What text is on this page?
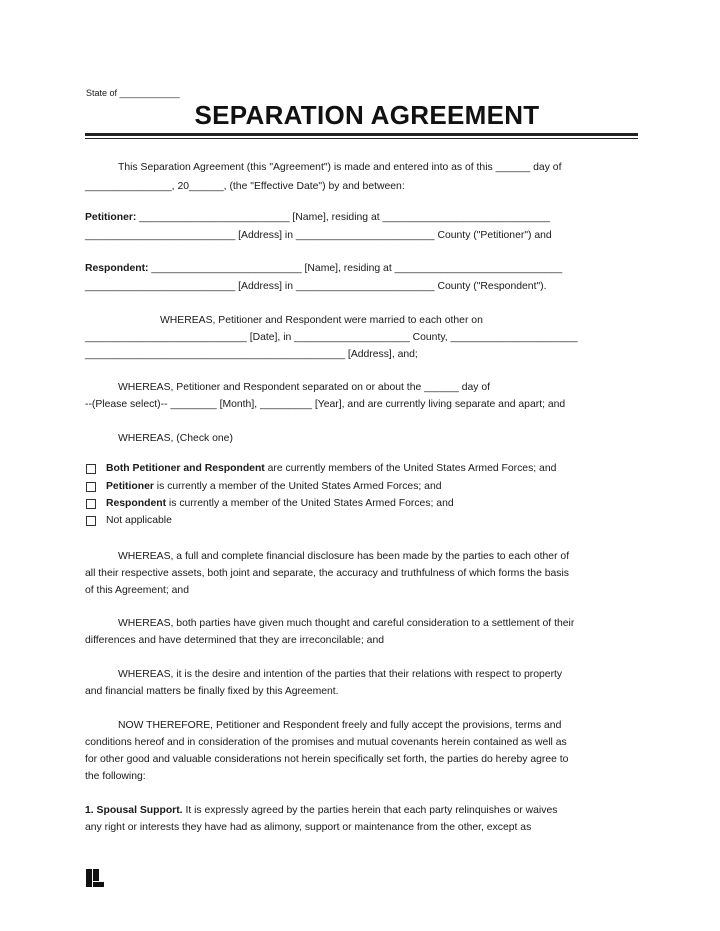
State of ____________
SEPARATION AGREEMENT
This Separation Agreement (this "Agreement") is made and entered into as of this ______ day of
_______________, 20______, (the "Effective Date") by and between:
Petitioner: __________________________ [Name], residing at _____________________________
__________________________ [Address] in ________________________ County ("Petitioner") and
Respondent: __________________________ [Name], residing at _____________________________
__________________________ [Address] in ________________________ County ("Respondent").
WHEREAS, Petitioner and Respondent were married to each other on
____________________________ [Date], in ____________________ County, ______________________
_____________________________________________ [Address], and;
WHEREAS, Petitioner and Respondent separated on or about the ______ day of
--(Please select)-- ________ [Month], _________ [Year], and are currently living separate and apart; and
WHEREAS, (Check one)
Both Petitioner and Respondent are currently members of the United States Armed Forces; and
Petitioner is currently a member of the United States Armed Forces; and
Respondent is currently a member of the United States Armed Forces; and
Not applicable
WHEREAS, a full and complete financial disclosure has been made by the parties to each other of
all their respective assets, both joint and separate, the accuracy and truthfulness of which forms the basis
of this Agreement; and
WHEREAS, both parties have given much thought and careful consideration to a settlement of their
differences and have determined that they are irreconcilable; and
WHEREAS, it is the desire and intention of the parties that their relations with respect to property
and financial matters be finally fixed by this Agreement.
NOW THEREFORE, Petitioner and Respondent freely and fully accept the provisions, terms and
conditions hereof and in consideration of the promises and mutual covenants herein contained as well as
for other good and valuable considerations not herein specifically set forth, the parties do hereby agree to
the following:
1. Spousal Support. It is expressly agreed by the parties herein that each party relinquishes or waives
any right or interests they have had as alimony, support or maintenance from the other, except as
